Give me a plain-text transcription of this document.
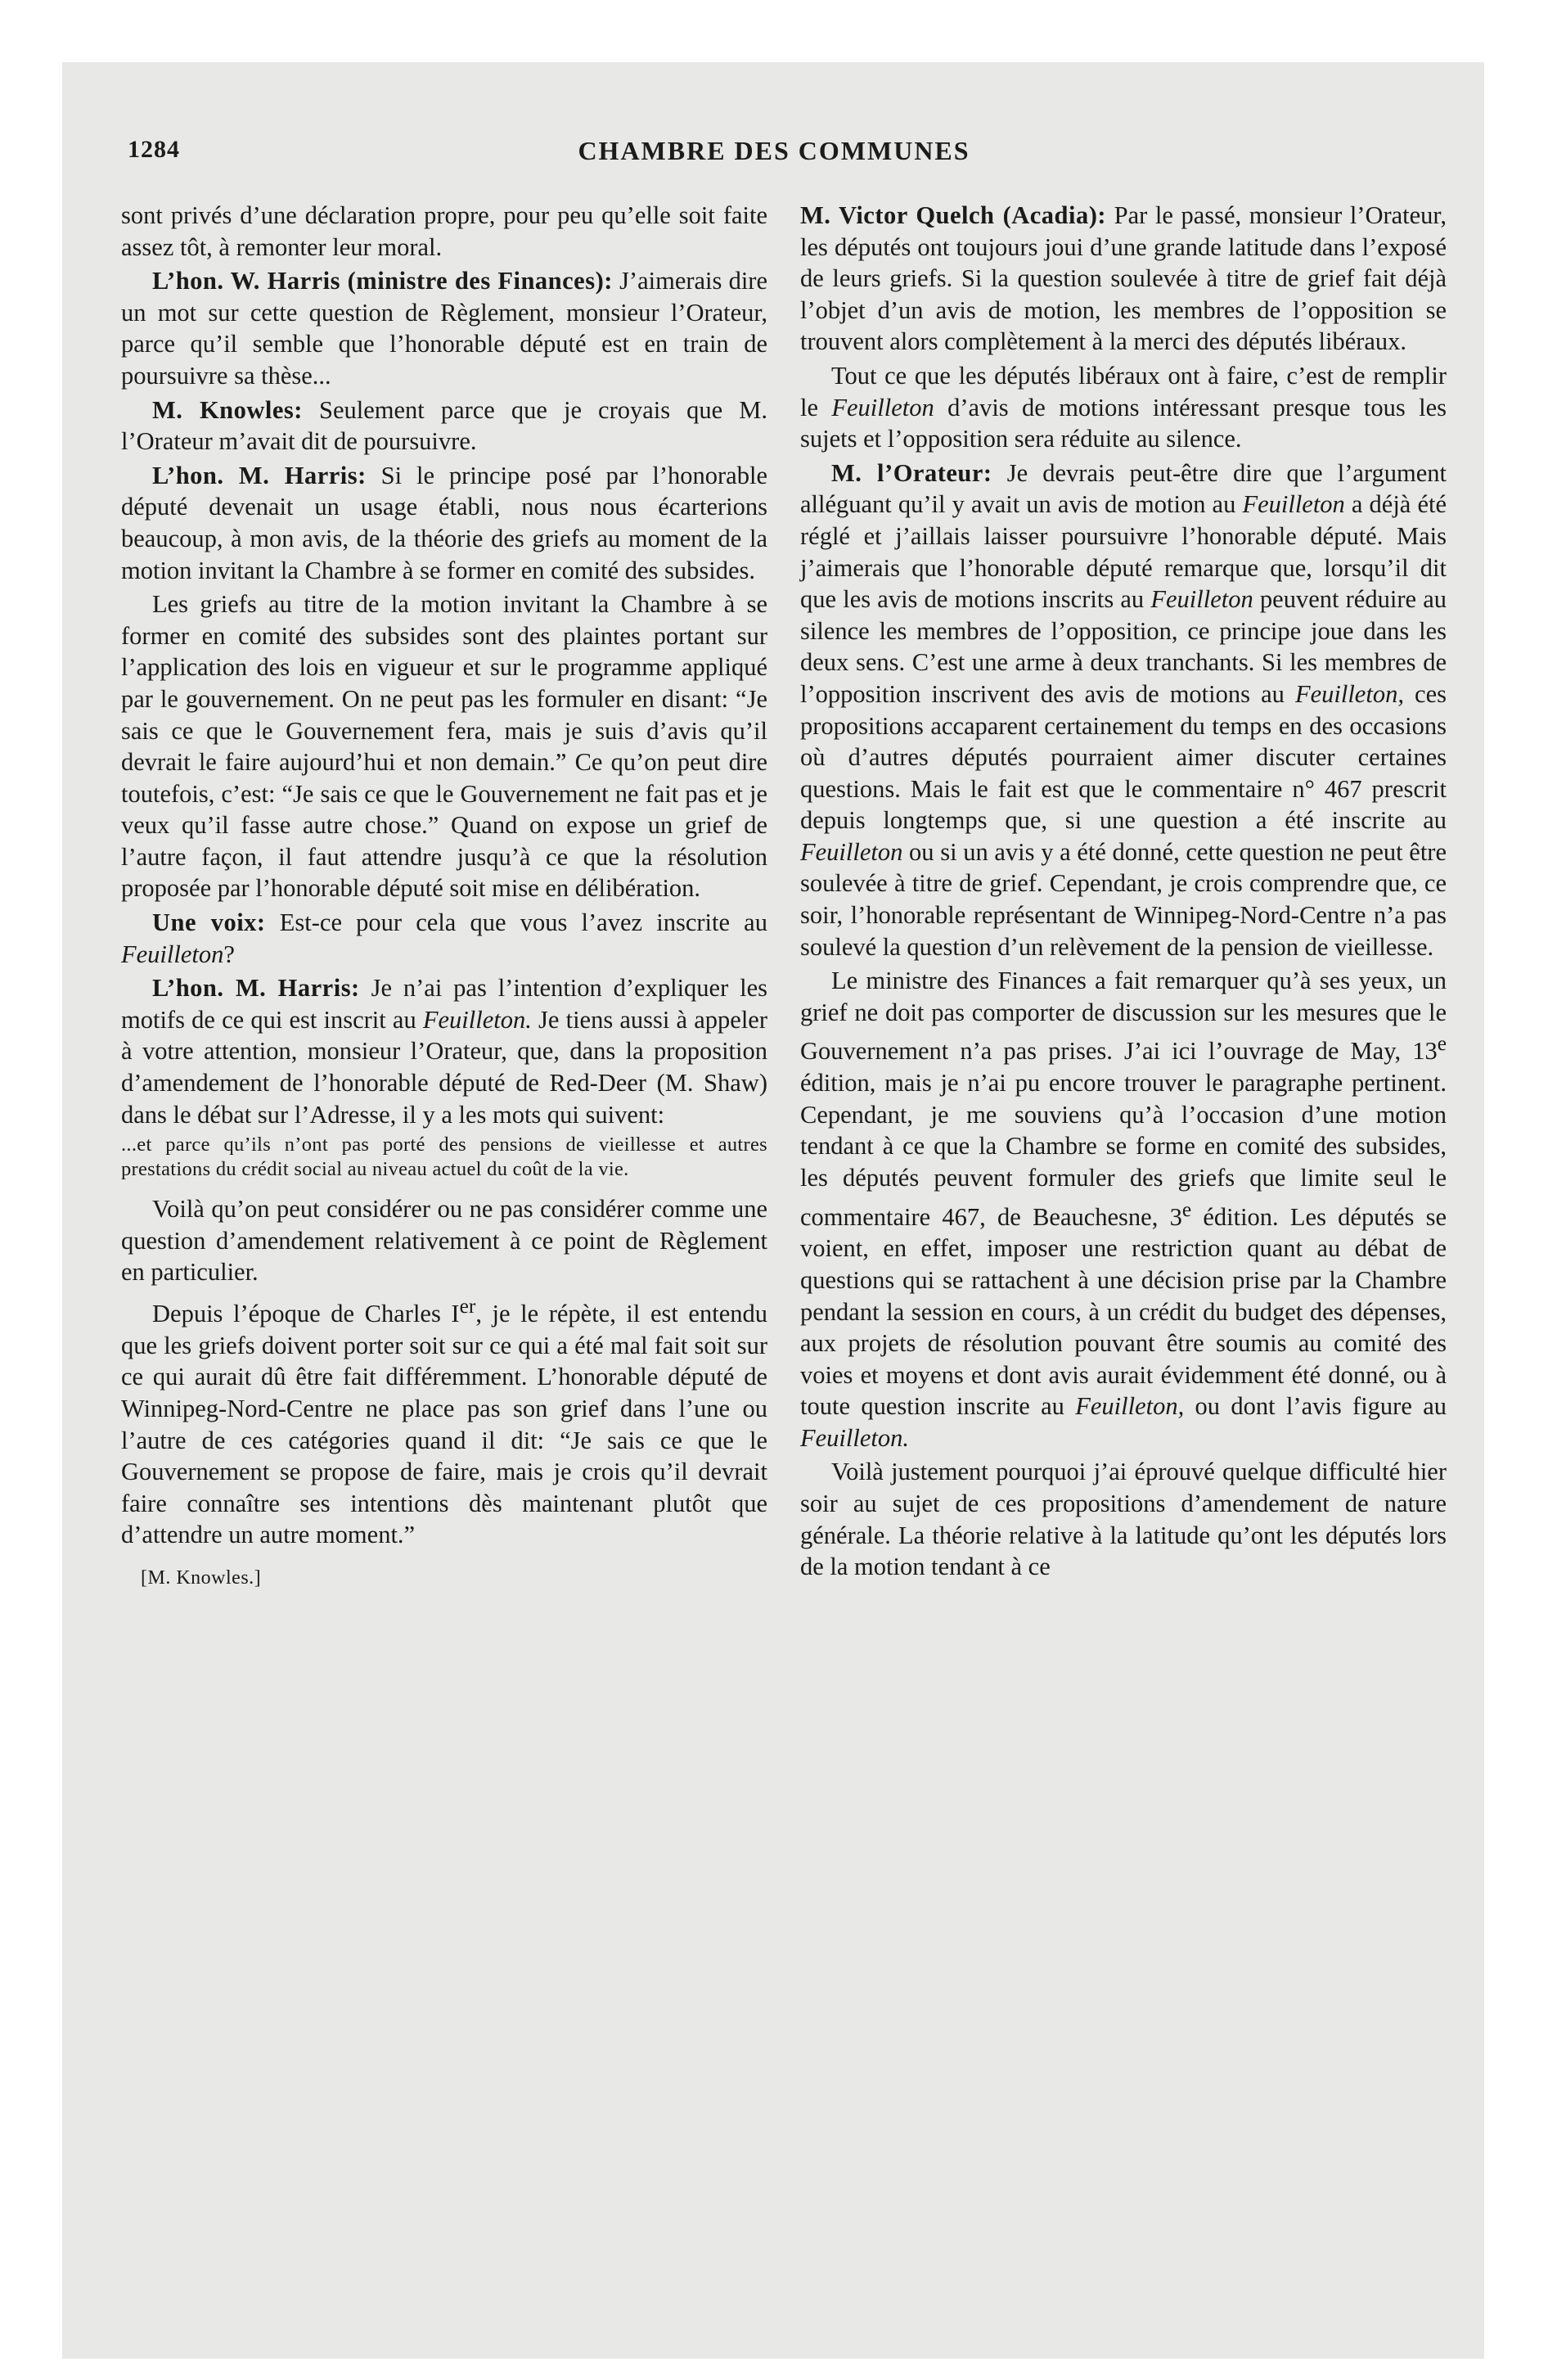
1284	CHAMBRE DES COMMUNES

sont privés d’une déclaration propre, pour peu qu’elle soit faite assez tôt, à remonter leur moral.

L’hon. W. Harris (ministre des Finances): J’aimerais dire un mot sur cette question de Règlement, monsieur l’Orateur, parce qu’il semble que l’honorable député est en train de poursuivre sa thèse...

M. Knowles: Seulement parce que je croyais que M. l’Orateur m’avait dit de poursuivre.

L’hon. M. Harris: Si le principe posé par l’honorable député devenait un usage établi, nous nous écarterions beaucoup, à mon avis, de la théorie des griefs au moment de la motion invitant la Chambre à se former en comité des subsides.

Les griefs au titre de la motion invitant la Chambre à se former en comité des subsides sont des plaintes portant sur l’application des lois en vigueur et sur le programme appliqué par le gouvernement. On ne peut pas les formuler en disant: “Je sais ce que le Gouvernement fera, mais je suis d’avis qu’il devrait le faire aujourd’hui et non demain.” Ce qu’on peut dire toutefois, c’est: “Je sais ce que le Gouvernement ne fait pas et je veux qu’il fasse autre chose.” Quand on expose un grief de l’autre façon, il faut attendre jusqu’à ce que la résolution proposée par l’honorable député soit mise en délibération.

Une voix: Est-ce pour cela que vous l’avez inscrite au Feuilleton?

L’hon. M. Harris: Je n’ai pas l’intention d’expliquer les motifs de ce qui est inscrit au Feuilleton. Je tiens aussi à appeler à votre attention, monsieur l’Orateur, que, dans la proposition d’amendement de l’honorable député de Red-Deer (M. Shaw) dans le débat sur l’Adresse, il y a les mots qui suivent:

...et parce qu’ils n’ont pas porté des pensions de vieillesse et autres prestations du crédit social au niveau actuel du coût de la vie.

Voilà qu’on peut considérer ou ne pas considérer comme une question d’amendement relativement à ce point de Règlement en particulier.

Depuis l’époque de Charles Ier, je le répète, il est entendu que les griefs doivent porter soit sur ce qui a été mal fait soit sur ce qui aurait dû être fait différemment. L’honorable député de Winnipeg-Nord-Centre ne place pas son grief dans l’une ou l’autre de ces catégories quand il dit: “Je sais ce que le Gouvernement se propose de faire, mais je crois qu’il devrait faire connaître ses intentions dès maintenant plutôt que d’attendre un autre moment.”

[M. Knowles.]

M. Victor Quelch (Acadia): Par le passé, monsieur l’Orateur, les députés ont toujours joui d’une grande latitude dans l’exposé de leurs griefs. Si la question soulevée à titre de grief fait déjà l’objet d’un avis de motion, les membres de l’opposition se trouvent alors complètement à la merci des députés libéraux.

Tout ce que les députés libéraux ont à faire, c’est de remplir le Feuilleton d’avis de motions intéressant presque tous les sujets et l’opposition sera réduite au silence.

M. l’Orateur: Je devrais peut-être dire que l’argument alléguant qu’il y avait un avis de motion au Feuilleton a déjà été réglé et j’aillais laisser poursuivre l’honorable député. Mais j’aimerais que l’honorable député remarque que, lorsqu’il dit que les avis de motions inscrits au Feuilleton peuvent réduire au silence les membres de l’opposition, ce principe joue dans les deux sens. C’est une arme à deux tranchants. Si les membres de l’opposition inscrivent des avis de motions au Feuilleton, ces propositions accaparent certainement du temps en des occasions où d’autres députés pourraient aimer discuter certaines questions. Mais le fait est que le commentaire n° 467 prescrit depuis longtemps que, si une question a été inscrite au Feuilleton ou si un avis y a été donné, cette question ne peut être soulevée à titre de grief. Cependant, je crois comprendre que, ce soir, l’honorable représentant de Winnipeg-Nord-Centre n’a pas soulevé la question d’un relèvement de la pension de vieillesse.

Le ministre des Finances a fait remarquer qu’à ses yeux, un grief ne doit pas comporter de discussion sur les mesures que le Gouvernement n’a pas prises. J’ai ici l’ouvrage de May, 13e édition, mais je n’ai pu encore trouver le paragraphe pertinent. Cependant, je me souviens qu’à l’occasion d’une motion tendant à ce que la Chambre se forme en comité des subsides, les députés peuvent formuler des griefs que limite seul le commentaire 467, de Beauchesne, 3e édition. Les députés se voient, en effet, imposer une restriction quant au débat de questions qui se rattachent à une décision prise par la Chambre pendant la session en cours, à un crédit du budget des dépenses, aux projets de résolution pouvant être soumis au comité des voies et moyens et dont avis aurait évidemment été donné, ou à toute question inscrite au Feuilleton, ou dont l’avis figure au Feuilleton.

Voilà justement pourquoi j’ai éprouvé quelque difficulté hier soir au sujet de ces propositions d’amendement de nature générale. La théorie relative à la latitude qu’ont les députés lors de la motion tendant à ce
